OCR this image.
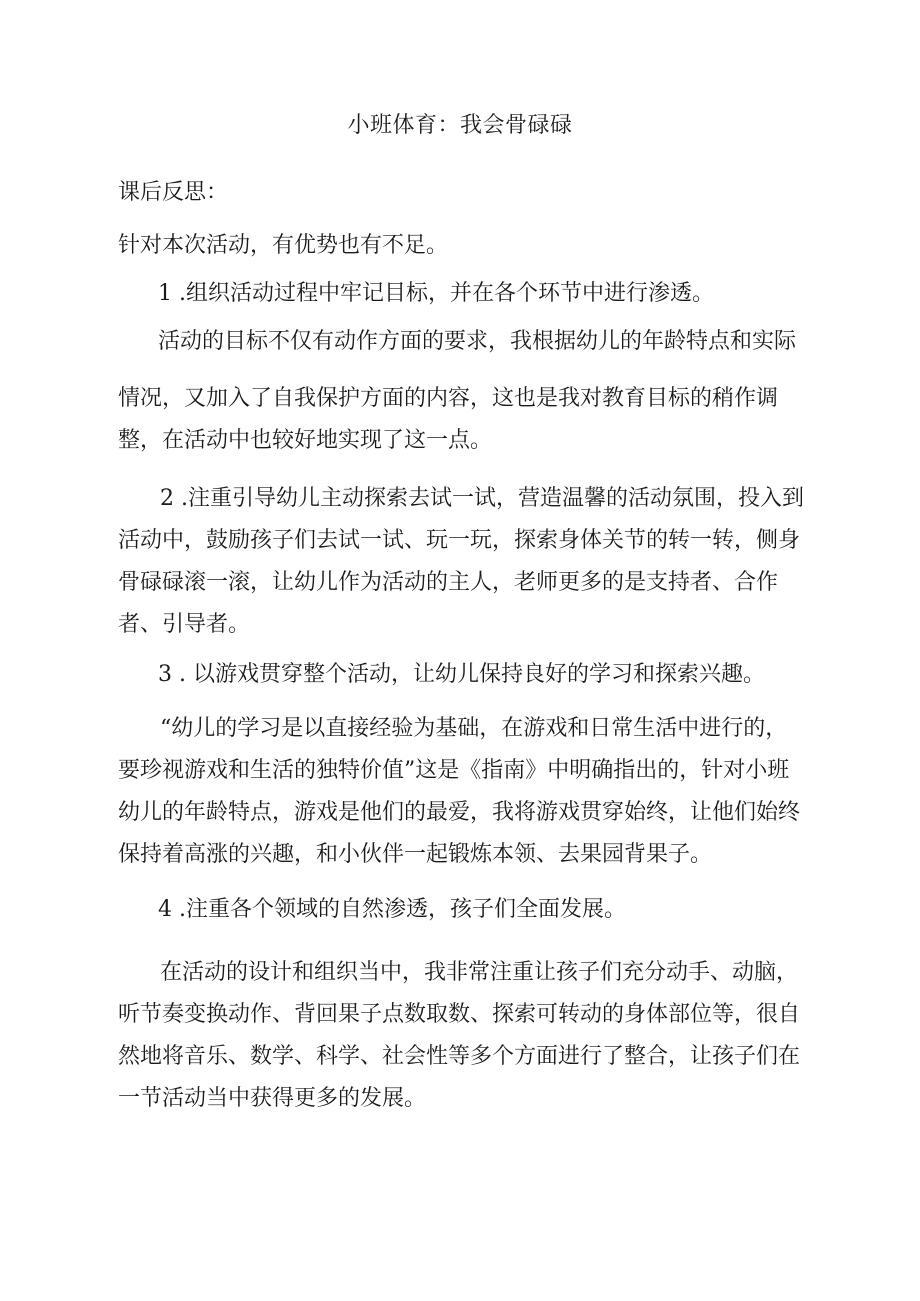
小班体育：我会骨碌碌
课后反思：
针对本次活动，有优势也有不足。
1 .组织活动过程中牢记目标，并在各个环节中进行渗透。
活动的目标不仅有动作方面的要求，我根据幼儿的年龄特点和实际
情况，又加入了自我保护方面的内容，这也是我对教育目标的稍作调整，在活动中也较好地实现了这一点。
2 .注重引导幼儿主动探索去试一试，营造温馨的活动氛围，投入到活动中，鼓励孩子们去试一试、玩一玩，探索身体关节的转一转，侧身骨碌碌滚一滚，让幼儿作为活动的主人，老师更多的是支持者、合作者、引导者。
3 . 以游戏贯穿整个活动，让幼儿保持良好的学习和探索兴趣。
“幼儿的学习是以直接经验为基础，在游戏和日常生活中进行的，要珍视游戏和生活的独特价值”这是《指南》中明确指出的，针对小班幼儿的年龄特点，游戏是他们的最爱，我将游戏贯穿始终，让他们始终保持着高涨的兴趣，和小伙伴一起锻炼本领、去果园背果子。
4 .注重各个领域的自然渗透，孩子们全面发展。
在活动的设计和组织当中，我非常注重让孩子们充分动手、动脑，听节奏变换动作、背回果子点数取数、探索可转动的身体部位等，很自然地将音乐、数学、科学、社会性等多个方面进行了整合，让孩子们在一节活动当中获得更多的发展。
